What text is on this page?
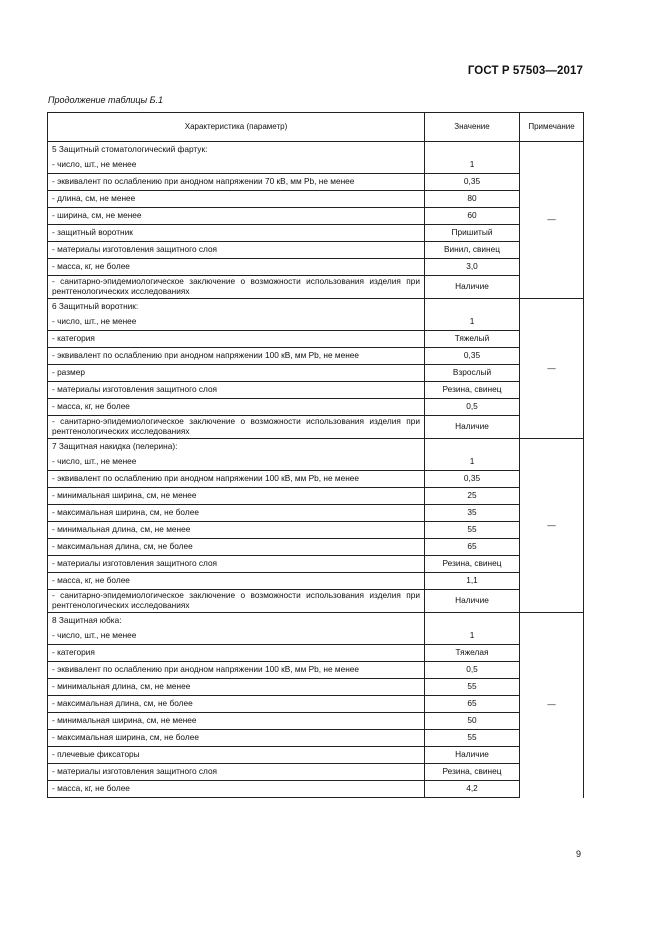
ГОСТ Р 57503—2017
Продолжение таблицы Б.1
Характеристика (параметр)	Значение	Примечание
5 Защитный стоматологический фартук:		—
- число, шт., не менее	1	
- эквивалент по ослаблению при анодном напряжении 70 кВ, мм Pb, не менее	0,35	
- длина, см, не менее	80	
- ширина, см, не менее	60	
- защитный воротник	Пришитый	
- материалы изготовления защитного слоя	Винил, свинец	
- масса, кг, не более	3,0	
- санитарно-эпидемиологическое заключение о возможности использования изделия при рентгенологических исследованиях	Наличие	
6 Защитный воротник:		—
- число, шт., не менее	1	
- категория	Тяжелый	
- эквивалент по ослаблению при анодном напряжении 100 кВ, мм Pb, не менее	0,35	
- размер	Взрослый	
- материалы изготовления защитного слоя	Резина, свинец	
- масса, кг, не более	0,5	
- санитарно-эпидемиологическое заключение о возможности использования изделия при рентгенологических исследованиях	Наличие	
7 Защитная накидка (пелерина):		—
- число, шт., не менее	1	
- эквивалент по ослаблению при анодном напряжении 100 кВ, мм Pb, не менее	0,35	
- минимальная ширина, см, не менее	25	
- максимальная ширина, см, не более	35	
- минимальная длина, см, не менее	55	
- максимальная длина, см, не более	65	
- материалы изготовления защитного слоя	Резина, свинец	
- масса, кг, не более	1,1	
- санитарно-эпидемиологическое заключение о возможности использования изделия при рентгенологических исследованиях	Наличие	
8 Защитная юбка:		—
- число, шт., не менее	1	
- категория	Тяжелая	
- эквивалент по ослаблению при анодном напряжении 100 кВ, мм Pb, не менее	0,5	
- минимальная длина, см, не менее	55	
- максимальная длина, см, не более	65	
- минимальная ширина, см, не менее	50	
- максимальная ширина, см, не более	55	
- плечевые фиксаторы	Наличие	
- материалы изготовления защитного слоя	Резина, свинец	
- масса, кг, не более	4,2	
9
